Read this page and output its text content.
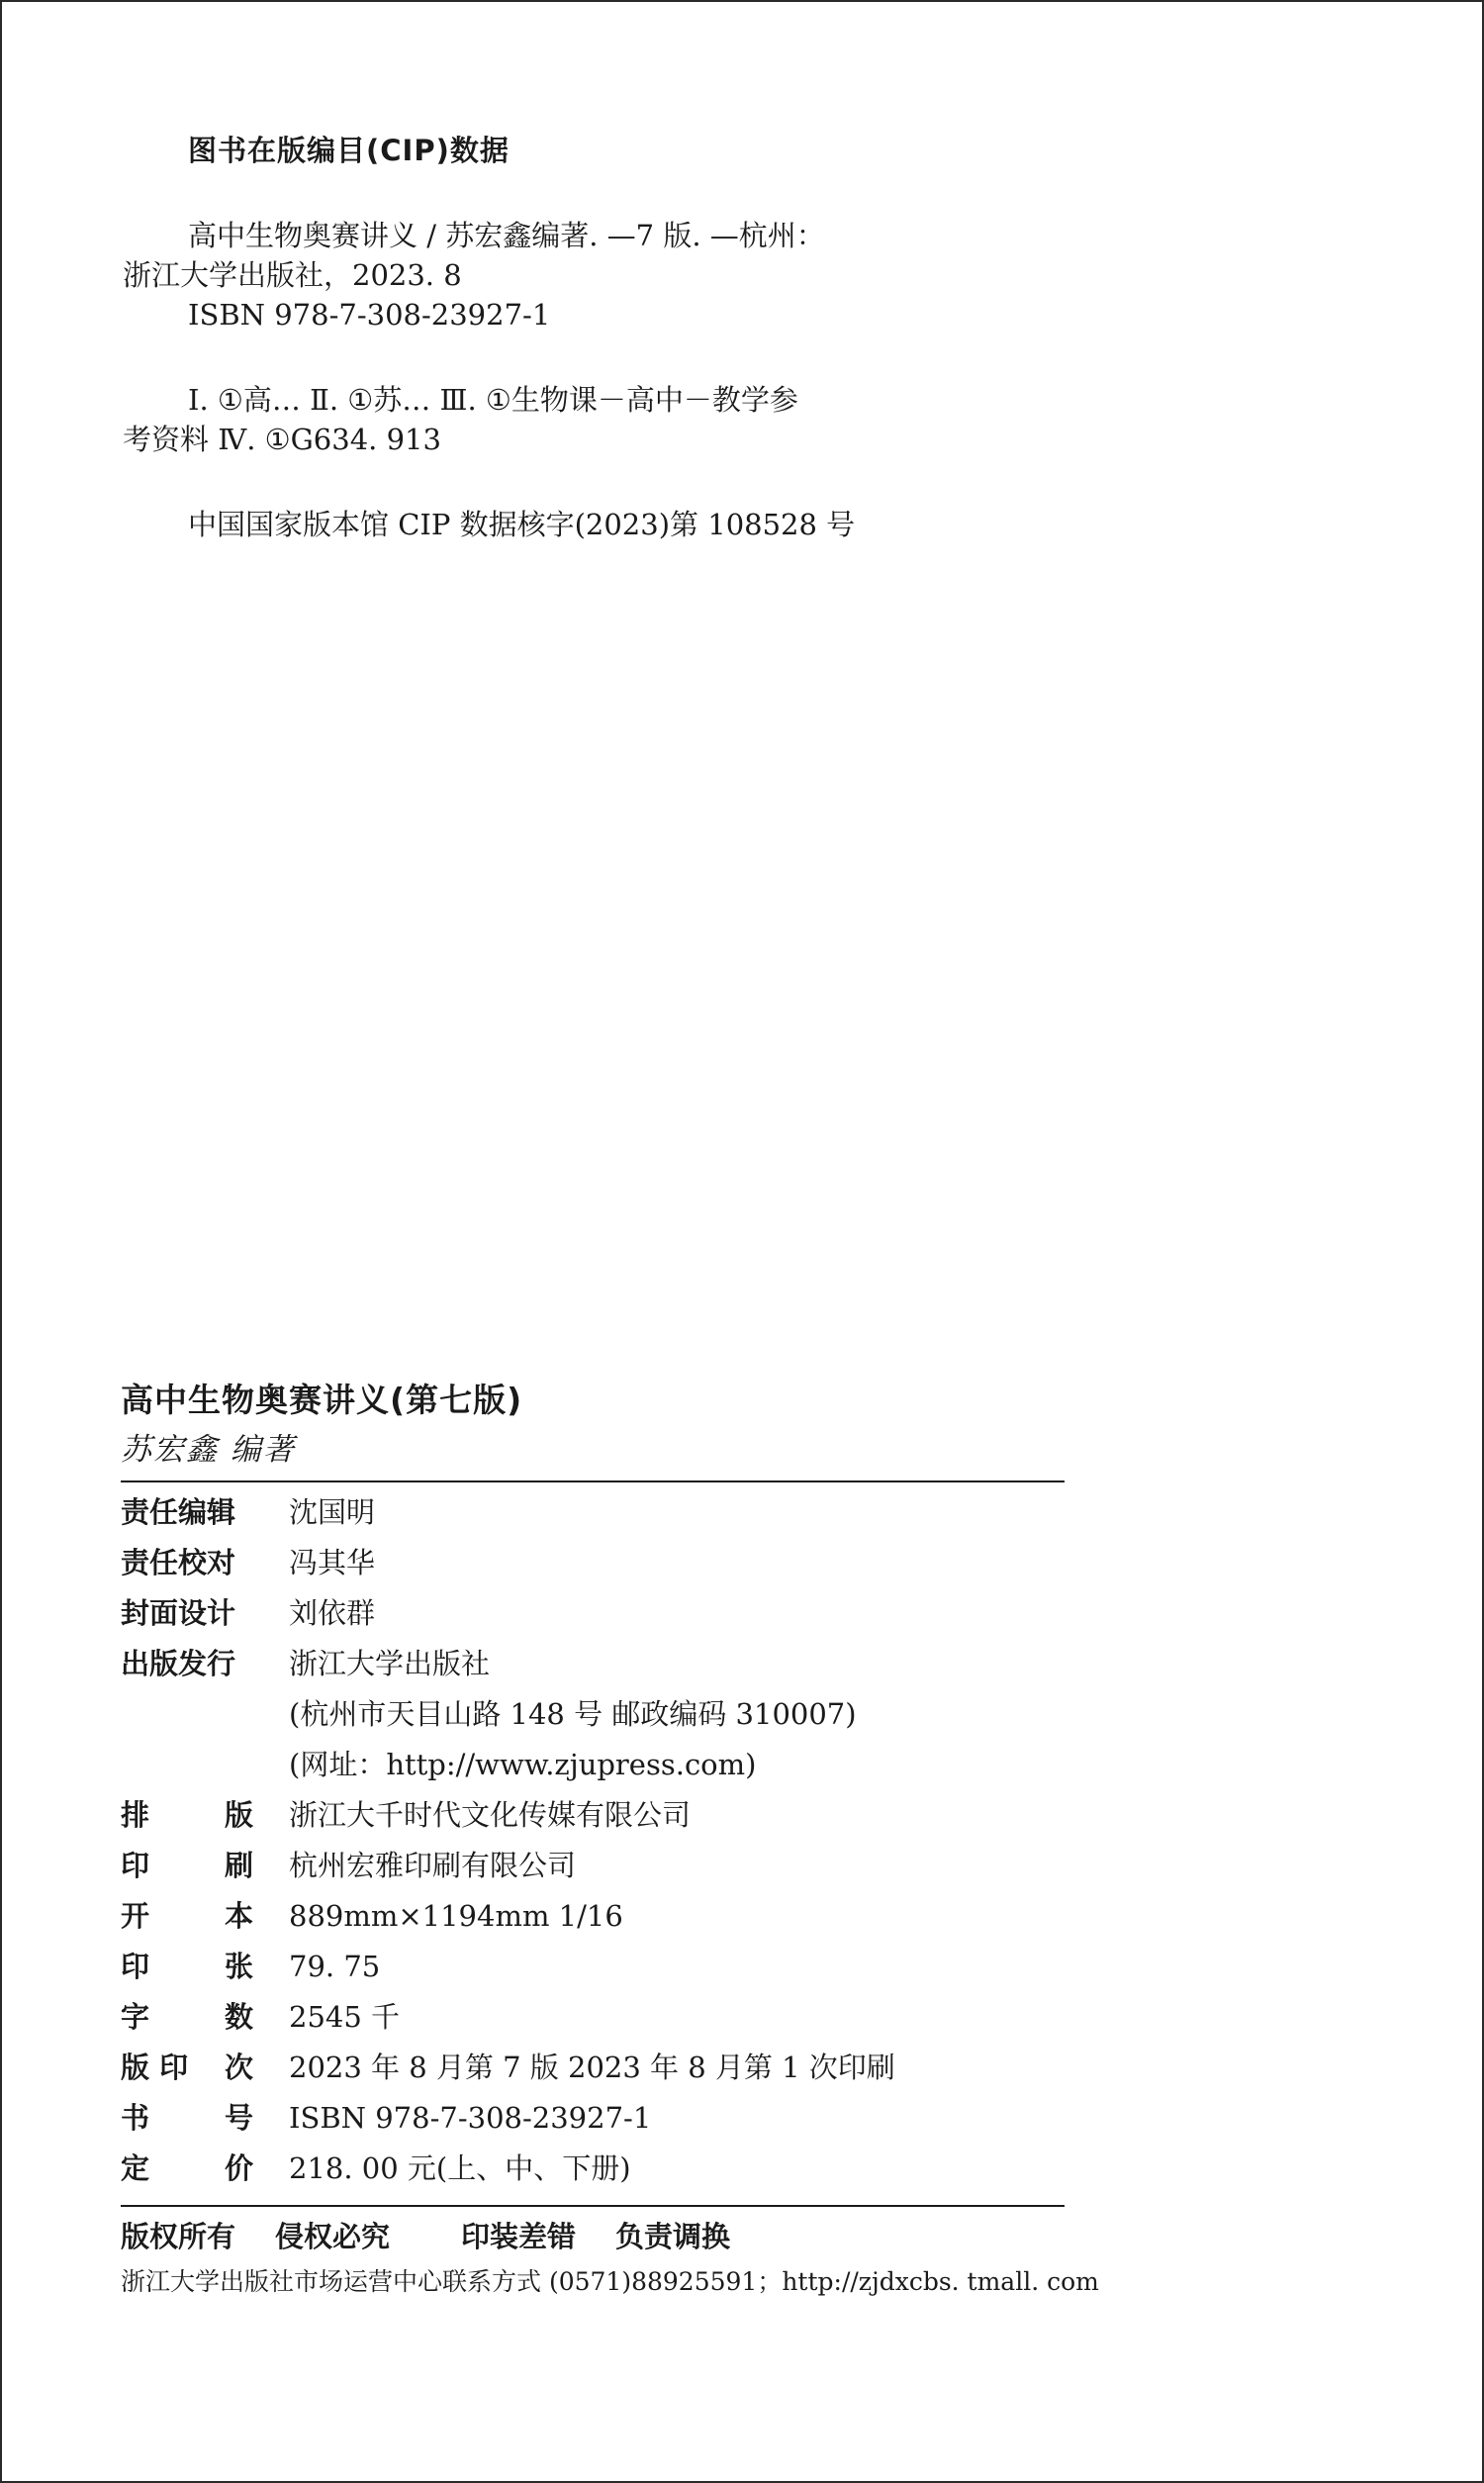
图书在版编目(CIP)数据
高中生物奥赛讲义 / 苏宏鑫编著. —7 版. —杭州：
浙江大学出版社，2023. 8
ISBN 978-7-308-23927-1
Ⅰ. ①高… Ⅱ. ①苏… Ⅲ. ①生物课－高中－教学参
考资料 Ⅳ. ①G634. 913
中国国家版本馆 CIP 数据核字(2023)第 108528 号
高中生物奥赛讲义(第七版)
苏宏鑫 编著
责任编辑	沈国明
责任校对	冯其华
封面设计	刘依群
出版发行	浙江大学出版社
(杭州市天目山路 148 号 邮政编码 310007)
(网址：http://www.zjupress.com)
排	版 浙江大千时代文化传媒有限公司
印	刷 杭州宏雅印刷有限公司
开	本 889mm×1194mm 1/16
印	张 79. 75
字	数 2545 千
版 印 次 2023 年 8 月第 7 版 2023 年 8 月第 1 次印刷
书	号 ISBN 978-7-308-23927-1
定	价 218. 00 元(上、中、下册)
版权所有 侵权必究 印装差错 负责调换
浙江大学出版社市场运营中心联系方式 (0571)88925591；http://zjdxcbs. tmall. com
